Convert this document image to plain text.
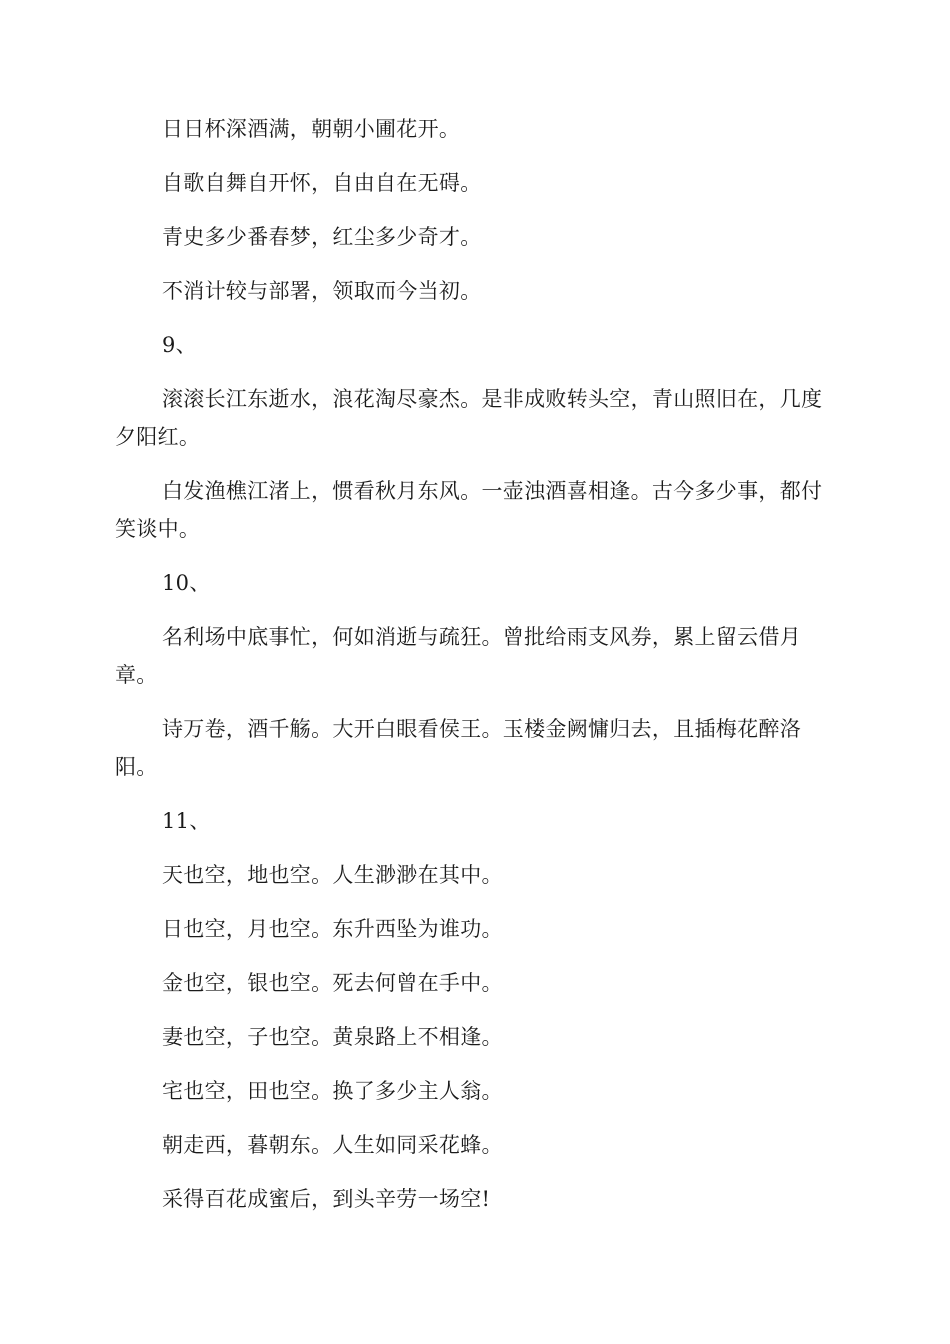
日日杯深酒满，朝朝小圃花开。

自歌自舞自开怀，自由自在无碍。

青史多少番春梦，红尘多少奇才。

不消计较与部署，领取而今当初。

9、

滚滚长江东逝水，浪花淘尽豪杰。是非成败转头空，青山照旧在，几度夕阳红。

白发渔樵江渚上，惯看秋月东风。一壶浊酒喜相逢。古今多少事，都付笑谈中。

10、

名利场中底事忙，何如消逝与疏狂。曾批给雨支风券，累上留云借月章。

诗万卷，酒千觞。大开白眼看侯王。玉楼金阙慵归去，且插梅花醉洛阳。

11、

天也空，地也空。人生渺渺在其中。

日也空，月也空。东升西坠为谁功。

金也空，银也空。死去何曾在手中。

妻也空，子也空。黄泉路上不相逢。

宅也空，田也空。换了多少主人翁。

朝走西，暮朝东。人生如同采花蜂。

采得百花成蜜后，到头辛劳一场空!
